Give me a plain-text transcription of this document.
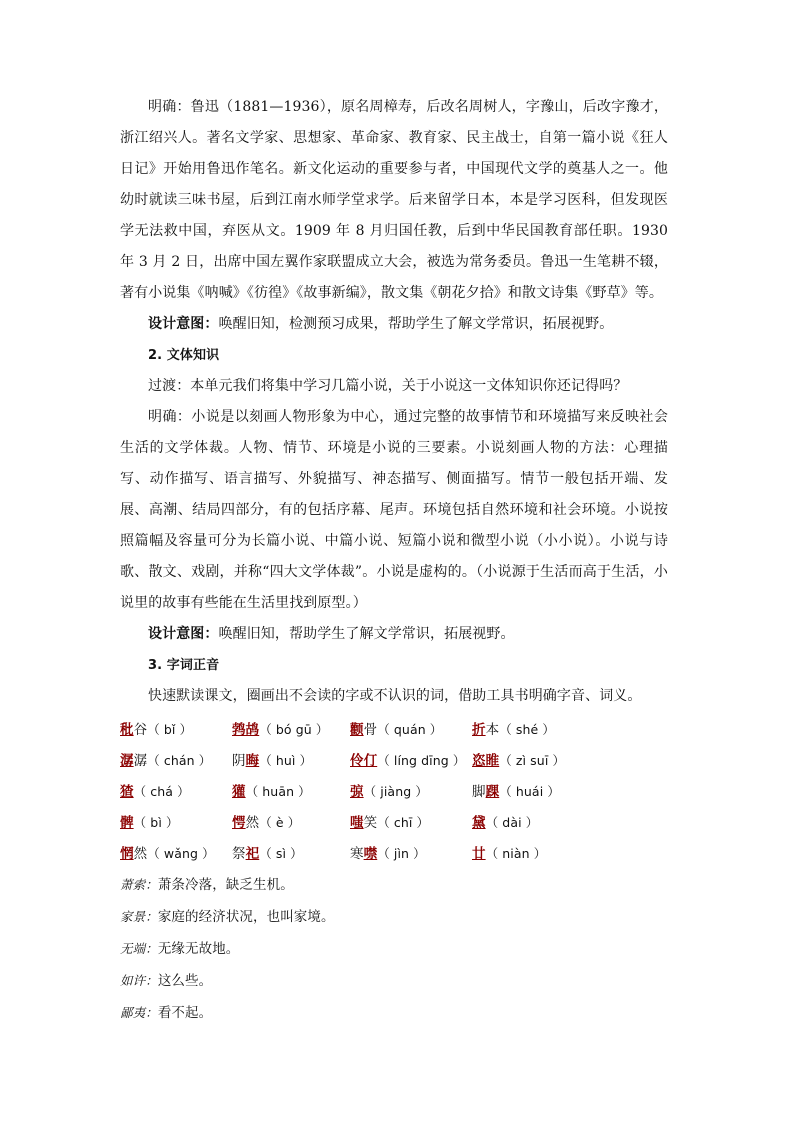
明确：鲁迅（1881—1936），原名周樟寿，后改名周树人，字豫山，后改字豫才，浙江绍兴人。著名文学家、思想家、革命家、教育家、民主战士，自第一篇小说《狂人日记》开始用鲁迅作笔名。新文化运动的重要参与者，中国现代文学的奠基人之一。他幼时就读三味书屋，后到江南水师学堂求学。后来留学日本，本是学习医科，但发现医学无法救中国，弃医从文。1909 年 8 月归国任教，后到中华民国教育部任职。1930 年 3 月 2 日，出席中国左翼作家联盟成立大会，被选为常务委员。鲁迅一生笔耕不辍，著有小说集《呐喊》《彷徨》《故事新编》，散文集《朝花夕拾》和散文诗集《野草》等。

设计意图：唤醒旧知，检测预习成果，帮助学生了解文学常识，拓展视野。

2. 文体知识

过渡：本单元我们将集中学习几篇小说，关于小说这一文体知识你还记得吗？

明确：小说是以刻画人物形象为中心，通过完整的故事情节和环境描写来反映社会生活的文学体裁。人物、情节、环境是小说的三要素。小说刻画人物的方法：心理描写、动作描写、语言描写、外貌描写、神态描写、侧面描写。情节一般包括开端、发展、高潮、结局四部分，有的包括序幕、尾声。环境包括自然环境和社会环境。小说按照篇幅及容量可分为长篇小说、中篇小说、短篇小说和微型小说（小小说）。小说与诗歌、散文、戏剧，并称“四大文学体裁”。小说是虚构的。（小说源于生活而高于生活，小说里的故事有些能在生活里找到原型。）

设计意图：唤醒旧知，帮助学生了解文学常识，拓展视野。

3. 字词正音

快速默读课文，圈画出不会读的字或不认识的词，借助工具书明确字音、词义。

秕谷（ bǐ ）	鹁鸪（ bó gū ） 颧骨（ quán ） 折本（ shé ）
潺潺（ chán ） 阴晦（ huì ）	伶仃（ líng dīng ） 恣睢（ zì suī ）
猹（ chá ）	獾（ huān ）	弶（ jiàng ）	脚踝（ huái ）
髀（ bì ）	愕然（ è ）	嗤笑（ chī ）	黛（ dài ）
惘然（ wǎng ） 祭祀（ sì ）	寒噤（ jìn ）	廿（ niàn ）

萧索：萧条冷落，缺乏生机。

家景：家庭的经济状况，也叫家境。

无端：无缘无故地。

如许：这么些。

鄙夷：看不起。
